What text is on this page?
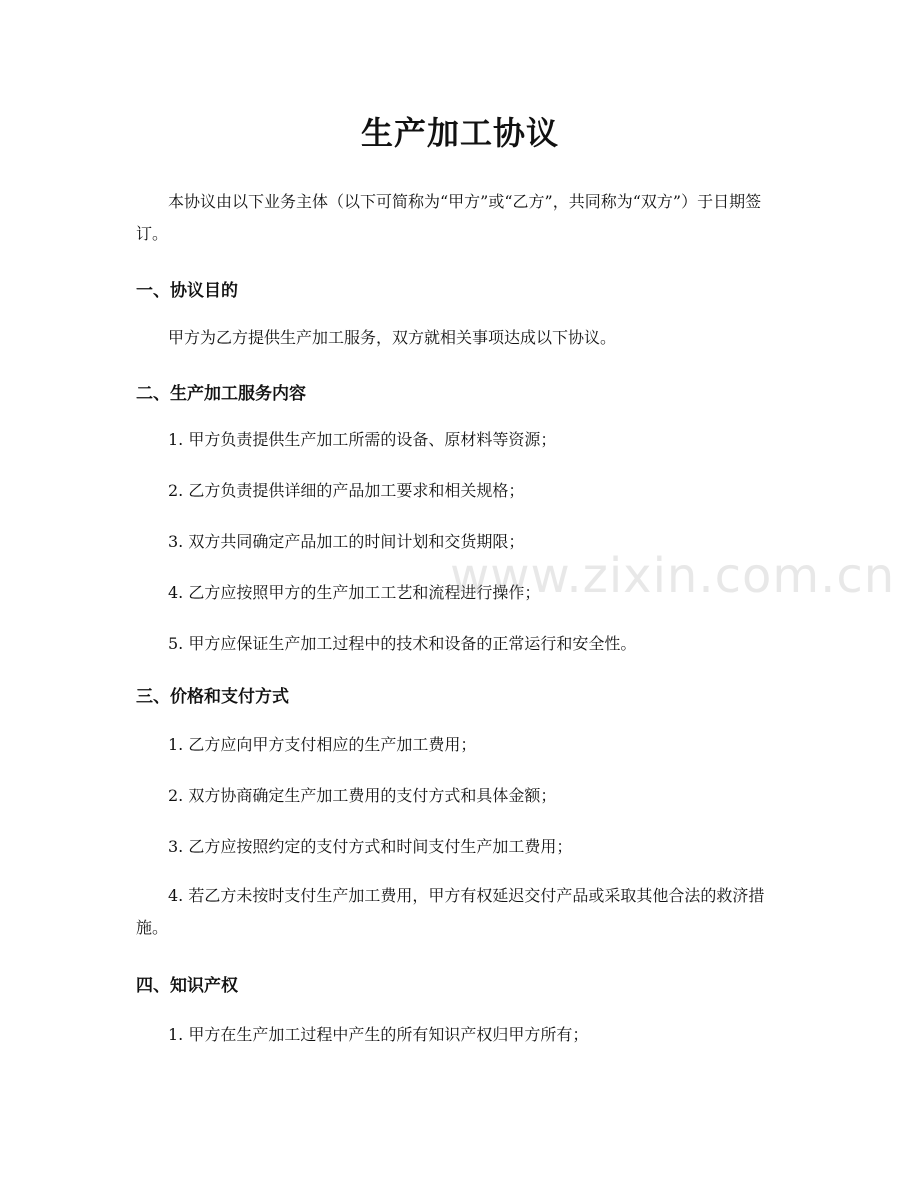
生产加工协议
本协议由以下业务主体（以下可简称为“甲方”或“乙方”，共同称为“双方”）于日期签订。
一、协议目的
甲方为乙方提供生产加工服务，双方就相关事项达成以下协议。
二、生产加工服务内容
1. 甲方负责提供生产加工所需的设备、原材料等资源；
2. 乙方负责提供详细的产品加工要求和相关规格；
3. 双方共同确定产品加工的时间计划和交货期限；
4. 乙方应按照甲方的生产加工工艺和流程进行操作；
5. 甲方应保证生产加工过程中的技术和设备的正常运行和安全性。
三、价格和支付方式
1. 乙方应向甲方支付相应的生产加工费用；
2. 双方协商确定生产加工费用的支付方式和具体金额；
3. 乙方应按照约定的支付方式和时间支付生产加工费用；
4. 若乙方未按时支付生产加工费用，甲方有权延迟交付产品或采取其他合法的救济措施。
四、知识产权
1. 甲方在生产加工过程中产生的所有知识产权归甲方所有；
www.zixin.com.cn
